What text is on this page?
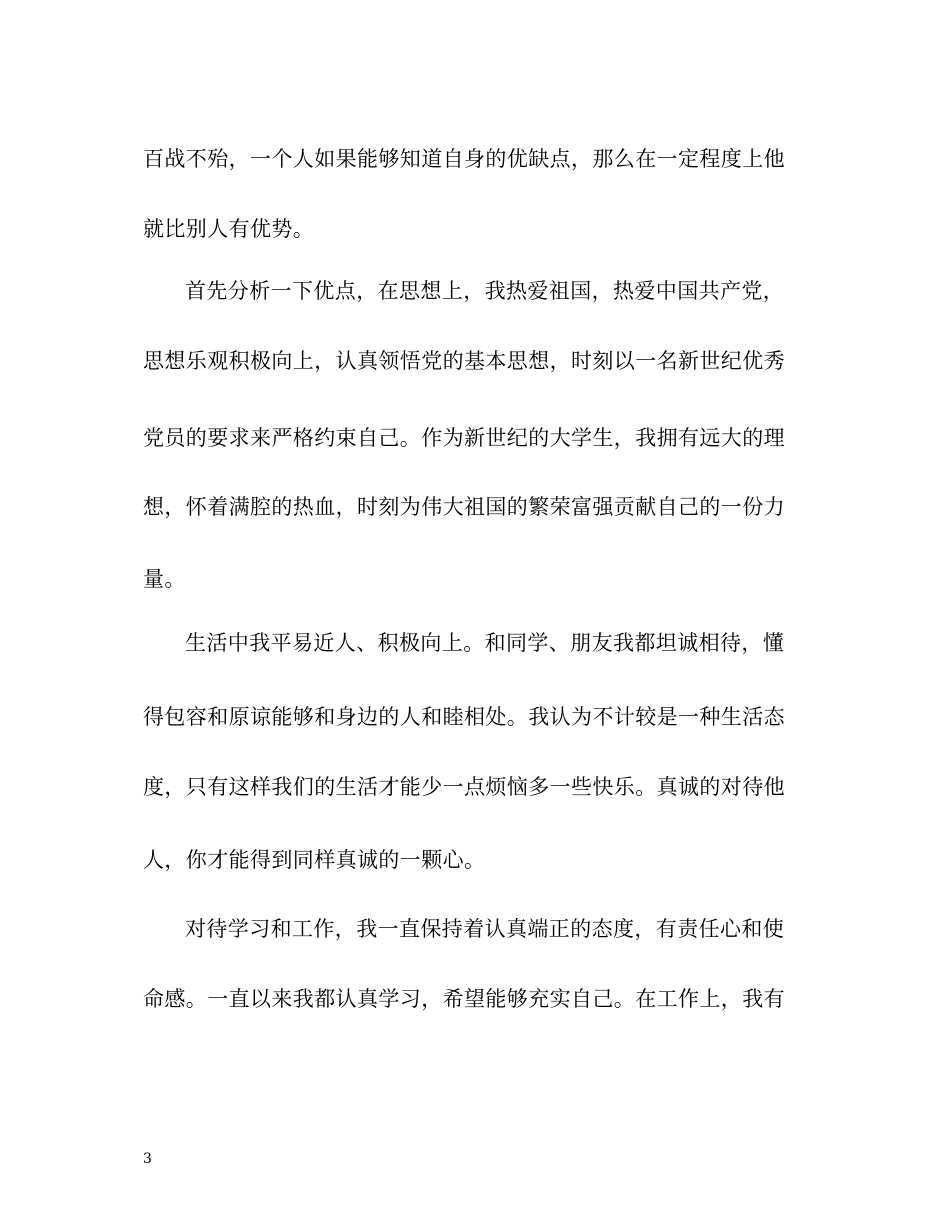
百战不殆，一个人如果能够知道自身的优缺点，那么在一定程度上他
就比别人有优势。
首先分析一下优点，在思想上，我热爱祖国，热爱中国共产党，
思想乐观积极向上，认真领悟党的基本思想，时刻以一名新世纪优秀
党员的要求来严格约束自己。作为新世纪的大学生，我拥有远大的理
想，怀着满腔的热血，时刻为伟大祖国的繁荣富强贡献自己的一份力
量。
生活中我平易近人、积极向上。和同学、朋友我都坦诚相待，懂
得包容和原谅能够和身边的人和睦相处。我认为不计较是一种生活态
度，只有这样我们的生活才能少一点烦恼多一些快乐。真诚的对待他
人，你才能得到同样真诚的一颗心。
对待学习和工作，我一直保持着认真端正的态度，有责任心和使
命感。一直以来我都认真学习，希望能够充实自己。在工作上，我有
3
